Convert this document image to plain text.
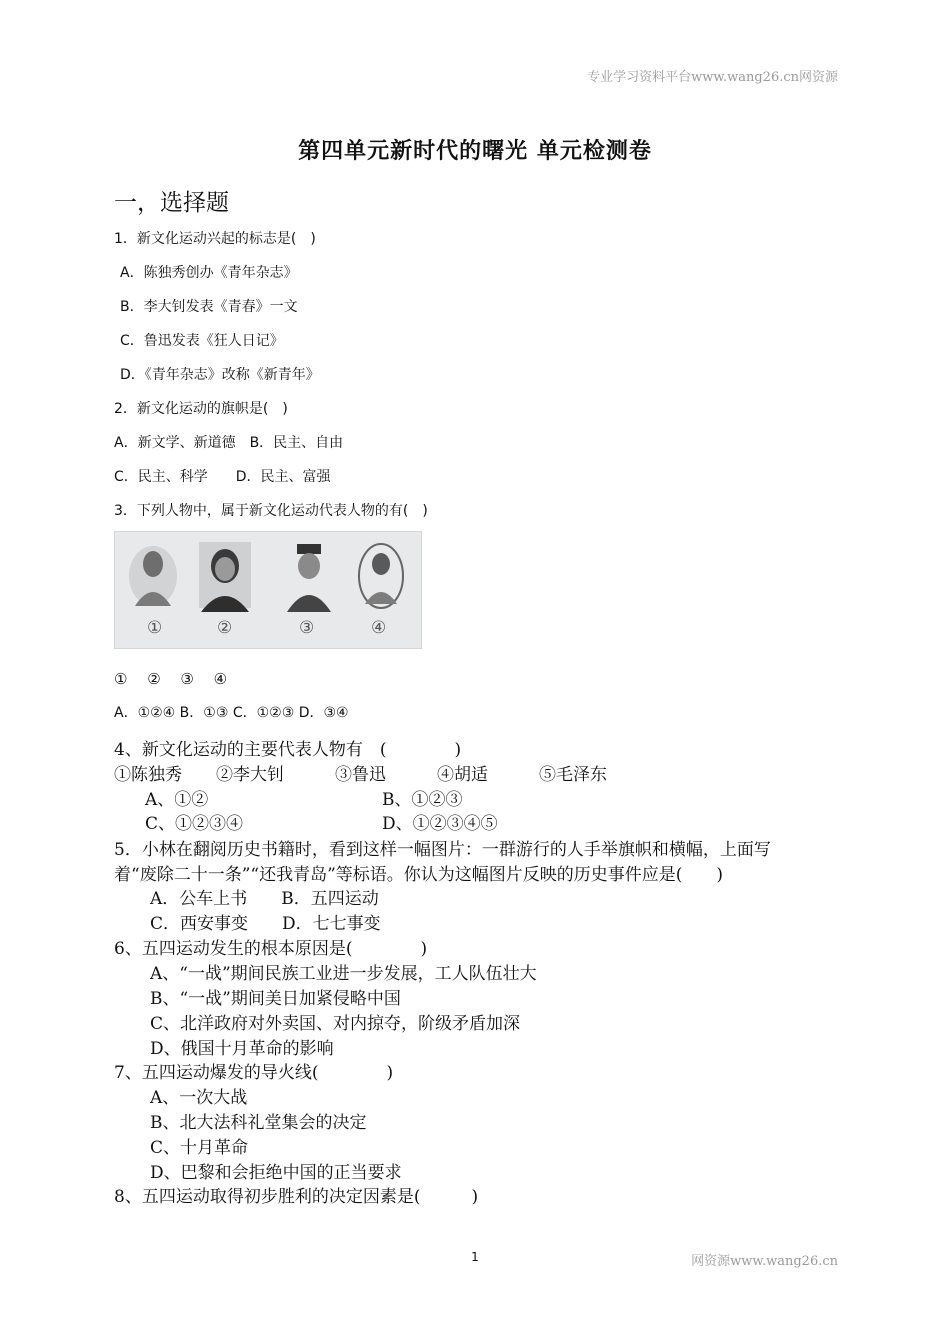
专业学习资料平台www.wang26.cn网资源
第四单元新时代的曙光 单元检测卷
一，选择题
1．新文化运动兴起的标志是(　)
A．陈独秀创办《青年杂志》
B．李大钊发表《青春》一文
C．鲁迅发表《狂人日记》
D．《青年杂志》改称《新青年》
2．新文化运动的旗帜是(　)
A．新文学、新道德　B．民主、自由
C．民主、科学　　D．民主、富强
3．下列人物中，属于新文化运动代表人物的有(　)
①	②	③	④
①　 ②　 ③　 ④
A．①②④ B．①③ C．①②③ D．③④
4、新文化运动的主要代表人物有　(　　　　)
①陈独秀　　②李大钊　　　③鲁迅　　　④胡适　　　⑤毛泽东
A、①②	B、①②③
C、①②③④	D、①②③④⑤
5．小林在翻阅历史书籍时，看到这样一幅图片：一群游行的人手举旗帜和横幅，上面写
着“废除二十一条”“还我青岛”等标语。你认为这幅图片反映的历史事件应是(　　)
A．公车上书　　B．五四运动
C．西安事变　　D．七七事变
6、五四运动发生的根本原因是(　　　　)
A、“一战”期间民族工业进一步发展，工人队伍壮大
B、“一战”期间美日加紧侵略中国
C、北洋政府对外卖国、对内掠夺，阶级矛盾加深
D、俄国十月革命的影响
7、五四运动爆发的导火线(　　　　)
A、一次大战
B、北大法科礼堂集会的决定
C、十月革命
D、巴黎和会拒绝中国的正当要求
8、五四运动取得初步胜利的决定因素是(　　　)
1	网资源www.wang26.cn
